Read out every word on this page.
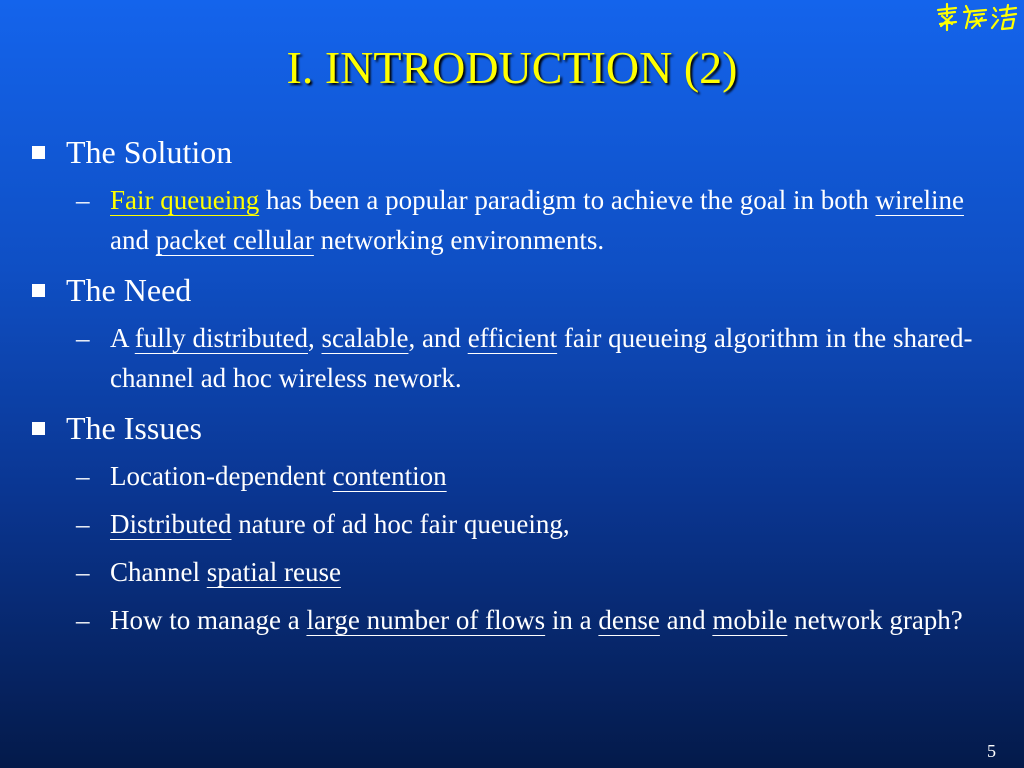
I. INTRODUCTION (2)
The Solution
– Fair queueing has been a popular paradigm to achieve the goal in both wireline and packet cellular networking environments.
The Need
– A fully distributed, scalable, and efficient fair queueing algorithm in the shared-channel ad hoc wireless nework.
The Issues
– Location-dependent contention
– Distributed nature of ad hoc fair queueing,
– Channel spatial reuse
– How to manage a large number of flows in a dense and mobile network graph?
5
